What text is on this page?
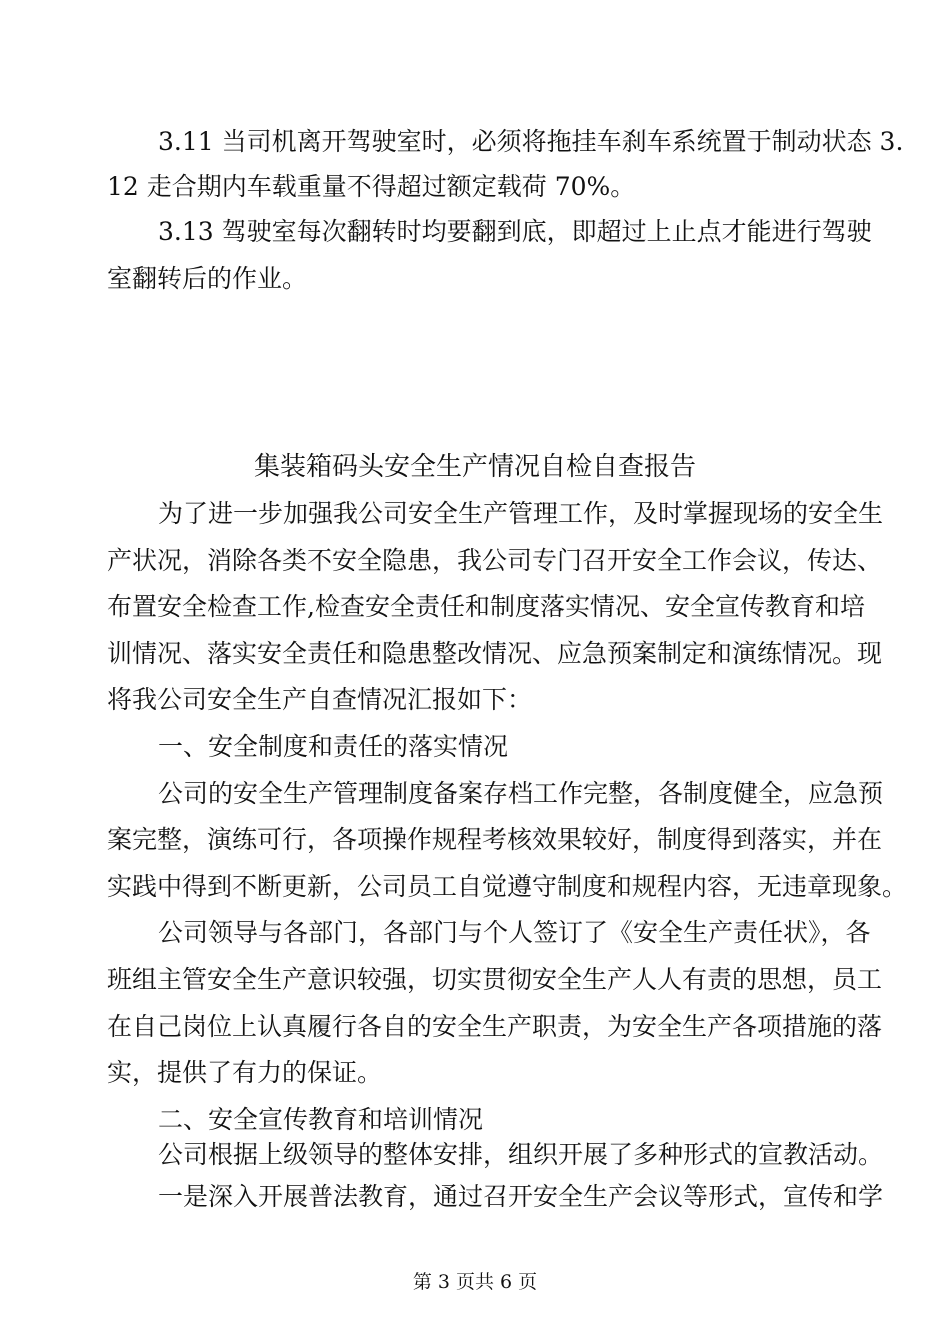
3.11 当司机离开驾驶室时，必须将拖挂车刹车系统置于制动状态 3.
12 走合期内车载重量不得超过额定载荷 70%。
3.13 驾驶室每次翻转时均要翻到底，即超过上止点才能进行驾驶
室翻转后的作业。
集装箱码头安全生产情况自检自查报告
为了进一步加强我公司安全生产管理工作，及时掌握现场的安全生
产状况，消除各类不安全隐患，我公司专门召开安全工作会议，传达、
布置安全检查工作,检查安全责任和制度落实情况、安全宣传教育和培
训情况、落实安全责任和隐患整改情况、应急预案制定和演练情况。现
将我公司安全生产自查情况汇报如下：
一、安全制度和责任的落实情况
公司的安全生产管理制度备案存档工作完整，各制度健全，应急预
案完整，演练可行，各项操作规程考核效果较好，制度得到落实，并在
实践中得到不断更新，公司员工自觉遵守制度和规程内容，无违章现象。
公司领导与各部门，各部门与个人签订了《安全生产责任状》，各
班组主管安全生产意识较强，切实贯彻安全生产人人有责的思想，员工
在自己岗位上认真履行各自的安全生产职责，为安全生产各项措施的落
实，提供了有力的保证。
二、安全宣传教育和培训情况
公司根据上级领导的整体安排，组织开展了多种形式的宣教活动。
一是深入开展普法教育，通过召开安全生产会议等形式，宣传和学
第 3 页共 6 页
